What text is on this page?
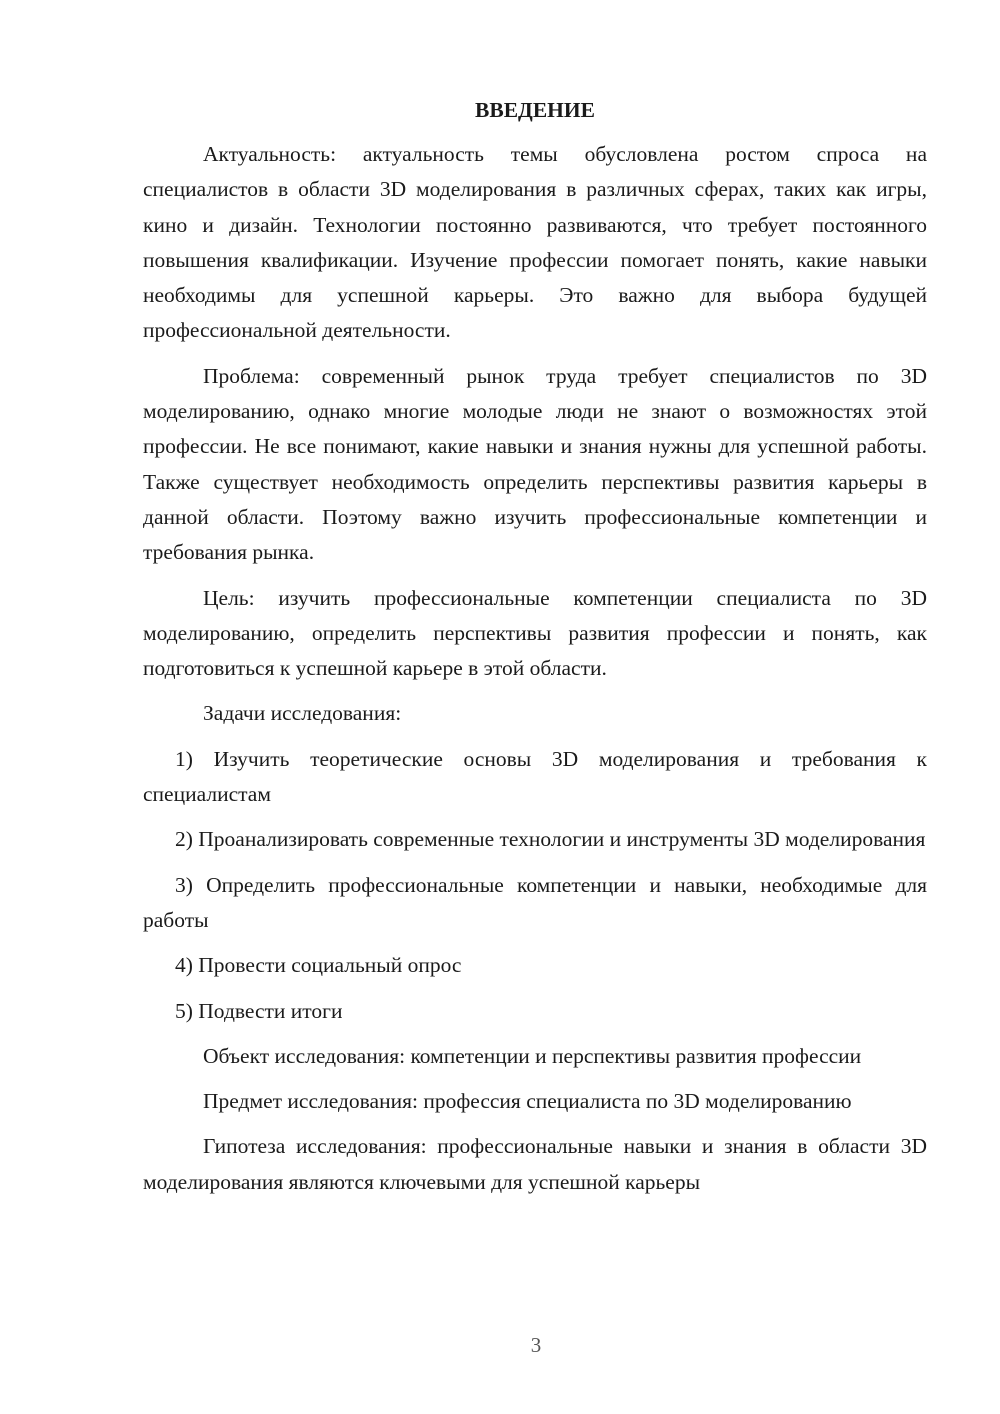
ВВЕДЕНИЕ

Актуальность: актуальность темы обусловлена ростом спроса на специалистов в области 3D моделирования в различных сферах, таких как игры, кино и дизайн. Технологии постоянно развиваются, что требует постоянного повышения квалификации. Изучение профессии помогает понять, какие навыки необходимы для успешной карьеры. Это важно для выбора будущей профессиональной деятельности.

Проблема: современный рынок труда требует специалистов по 3D моделированию, однако многие молодые люди не знают о возможностях этой профессии. Не все понимают, какие навыки и знания нужны для успешной работы. Также существует необходимость определить перспективы развития карьеры в данной области. Поэтому важно изучить профессиональные компетенции и требования рынка.

Цель: изучить профессиональные компетенции специалиста по 3D моделированию, определить перспективы развития профессии и понять, как подготовиться к успешной карьере в этой области.

Задачи исследования:

1) Изучить теоретические основы 3D моделирования и требования к специалистам

2) Проанализировать современные технологии и инструменты 3D моделирования

3) Определить профессиональные компетенции и навыки, необходимые для работы

4) Провести социальный опрос

5) Подвести итоги

Объект исследования: компетенции и перспективы развития профессии

Предмет исследования: профессия специалиста по 3D моделированию

Гипотеза исследования: профессиональные навыки и знания в области 3D моделирования являются ключевыми для успешной карьеры

3
